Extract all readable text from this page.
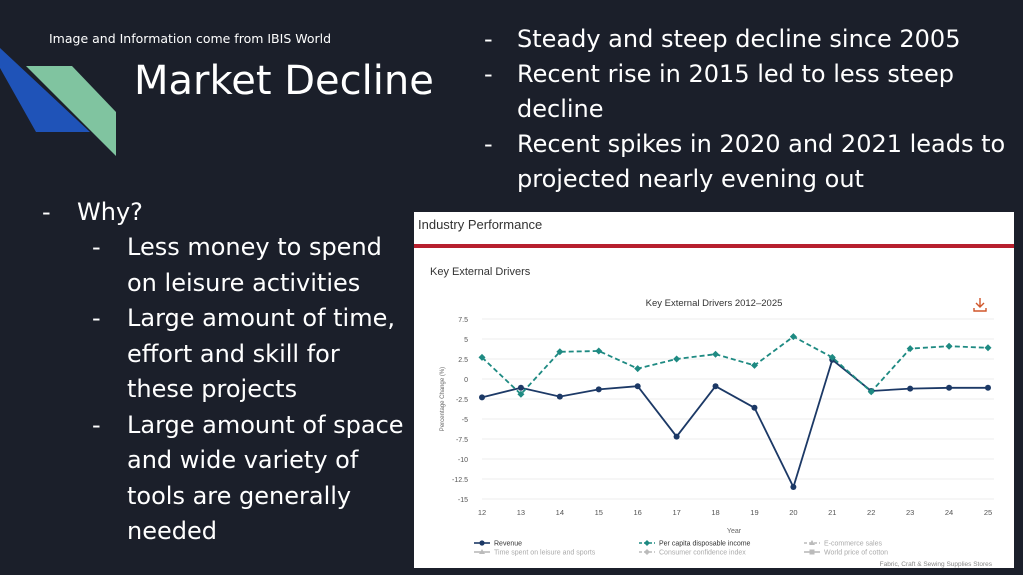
Image and Information come from IBIS World
Market Decline
- Steady and steep decline since 2005
- Recent rise in 2015 led to less steep decline
- Recent spikes in 2020 and 2021 leads to projected nearly evening out
- Why?
- Less money to spend on leisure activities
- Large amount of time, effort and skill for these projects
- Large amount of space and wide variety of tools are generally needed
Industry Performance
Key External Drivers
Key External Drivers 2012–2025
7.5
5
2.5
0
-2.5
-5
-7.5
-10
-12.5
-15
12	13	14	15	16	17	18	19	20	21	22	23	24	25
Year
Percentage Change (%)
Revenue	Per capita disposable income	E-commerce sales
Time spent on leisure and sports	Consumer confidence index	World price of cotton
Fabric, Craft & Sewing Supplies Stores
